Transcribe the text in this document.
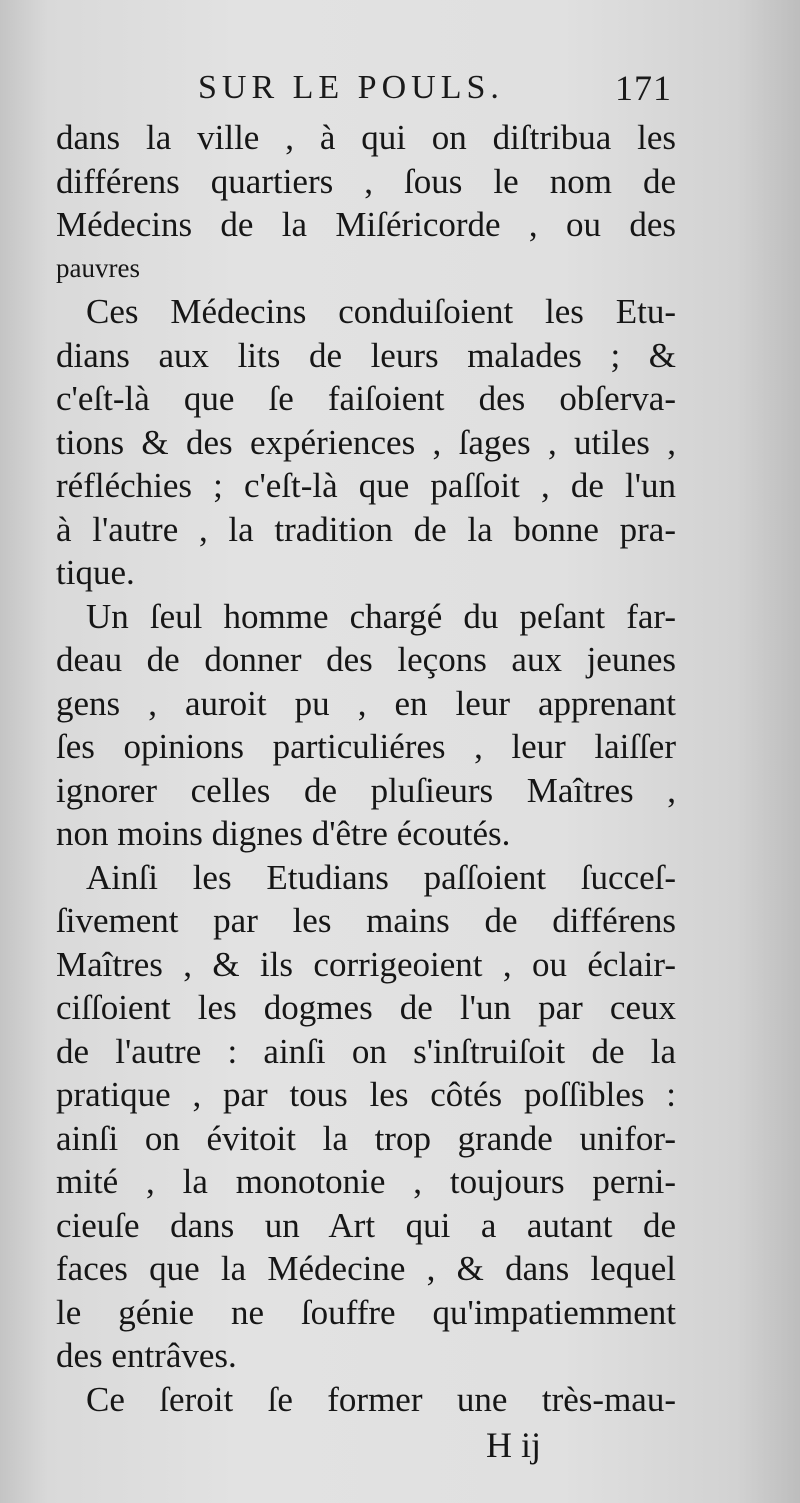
SUR LE POULS.	171
dans la ville , à qui on diſtribua les
différens quartiers , ſous le nom de
Médecins de la Miſéricorde , ou des
pauvres
Ces Médecins conduiſoient les Etu-
dians aux lits de leurs malades ; &
c'eſt-là que ſe faiſoient des obſerva-
tions & des expériences , ſages , utiles ,
réfléchies ; c'eſt-là que paſſoit , de l'un
à l'autre , la tradition de la bonne pra-
tique.
Un ſeul homme chargé du peſant far-
deau de donner des leçons aux jeunes
gens , auroit pu , en leur apprenant
ſes opinions particuliéres , leur laiſſer
ignorer celles de pluſieurs Maîtres ,
non moins dignes d'être écoutés.
Ainſi les Etudians paſſoient ſucceſ-
ſivement par les mains de différens
Maîtres , & ils corrigeoient , ou éclair-
ciſſoient les dogmes de l'un par ceux
de l'autre : ainſi on s'inſtruiſoit de la
pratique , par tous les côtés poſſibles :
ainſi on évitoit la trop grande unifor-
mité , la monotonie , toujours perni-
cieuſe dans un Art qui a autant de
faces que la Médecine , & dans lequel
le génie ne ſouffre qu'impatiemment
des entrâves.
Ce ſeroit ſe former une très-mau-
H ij
